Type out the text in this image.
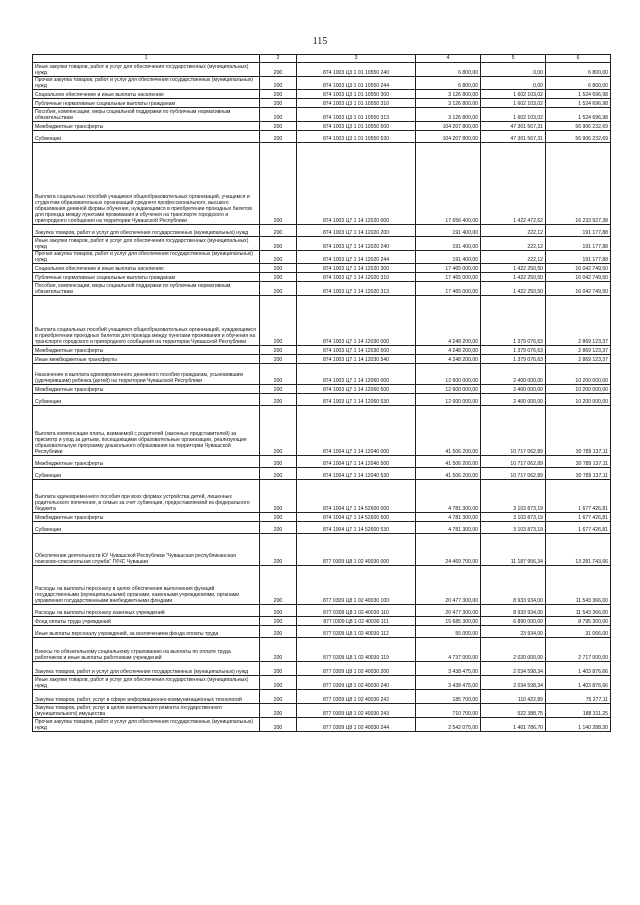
115
1	2	3	4	5	6
Иные закупки товаров, работ и услуг для обеспечения государственных (муниципальных) нужд	200	874 1003 Ц3 1 01 10550 240	6 800,00	0,00	6 800,00
Прочая закупка товаров, работ и услуг для обеспечения государственных (муниципальных) нужд	200	874 1003 Ц3 1 01 10550 244	6 800,00	0,00	6 800,00
Социальное обеспечение и иные выплаты населению	200	874 1003 Ц3 1 01 10550 300	3 126 800,00	1 602 103,02	1 524 696,98
Публичные нормативные социальные выплаты гражданам	200	874 1003 Ц3 1 01 10550 310	3 126 800,00	1 602 103,02	1 524 696,98
Пособия, компенсации, меры социальной поддержки по публичным нормативным обязательствам	200	874 1003 Ц3 1 01 10550 313	3 126 800,00	1 602 103,02	1 524 696,98
Межбюджетные трансферты	200	874 1003 Ц3 1 01 10550 500	104 207 800,00	47 301 567,31	56 906 232,69
Субвенции	200	874 1003 Ц3 1 01 10550 530	104 207 800,00	47 301 567,31	56 906 232,69
Выплата социальных пособий учащимся общеобразовательных организаций, учащимся и студентам образовательных организаций среднего профессионального, высшего образования дневной формы обучения, нуждающимся в приобретении проездных билетов для проезда между пунктами проживания и обучения на транспорте городского и пригородного сообщения на территории Чувашской Республики	200	874 1003 Ц7 1 14 12020 000	17 656 400,00	1 422 472,62	16 233 927,38
Закупка товаров, работ и услуг для обеспечения государственных (муниципальных) нужд	200	874 1003 Ц7 1 14 12020 200	191 400,00	222,12	191 177,88
Иные закупки товаров, работ и услуг для обеспечения государственных (муниципальных) нужд	200	874 1003 Ц7 1 14 12020 240	191 400,00	222,12	191 177,88
Прочая закупка товаров, работ и услуг для обеспечения государственных (муниципальных) нужд	200	874 1003 Ц7 1 14 12020 244	191 400,00	222,12	191 177,88
Социальное обеспечение и иные выплаты населению	200	874 1003 Ц7 1 14 12020 300	17 465 000,00	1 422 250,50	16 042 749,50
Публичные нормативные социальные выплаты гражданам	200	874 1003 Ц7 1 14 12020 310	17 465 000,00	1 422 250,50	16 042 749,50
Пособия, компенсации, меры социальной поддержки по публичным нормативным обязательствам	200	874 1003 Ц7 1 14 12020 313	17 465 000,00	1 422 250,50	16 042 749,50
Выплата социальных пособий учащимся общеобразовательных организаций, нуждающимся в приобретении проездных билетов для проезда между пунктами проживания и обучения на транспорте городского и пригородного сообщения на территории Чувашской Республики	200	874 1003 Ц7 1 14 12030 000	4 248 200,00	1 379 076,63	2 869 123,37
Межбюджетные трансферты	200	874 1003 Ц7 1 14 12030 500	4 248 200,00	1 379 076,63	2 869 123,37
Иные межбюджетные трансферты	200	874 1003 Ц7 1 14 12030 540	4 248 200,00	1 379 076,63	2 869 123,37
Назначение и выплата единовременного денежного пособия гражданам, усыновившим (удочерившим) ребенка (детей) на территории Чувашской Республики	200	874 1003 Ц7 1 14 12060 000	12 600 000,00	2 400 000,00	10 200 000,00
Межбюджетные трансферты	200	874 1003 Ц7 1 14 12060 500	12 600 000,00	2 400 000,00	10 200 000,00
Субвенции	200	874 1003 Ц7 1 14 12060 530	12 600 000,00	2 400 000,00	10 200 000,00
Выплата компенсации платы, взимаемой с родителей (законных представителей) за присмотр и уход за детьми, посещающими образовательные организации, реализующие образовательную программу дошкольного образования на территории Чувашской Республики	200	874 1004 Ц7 1 14 12040 000	41 506 200,00	10 717 062,89	30 789 137,11
Межбюджетные трансферты	200	874 1004 Ц7 1 14 12040 500	41 506 200,00	10 717 062,89	30 789 137,11
Субвенции	200	874 1004 Ц7 1 14 12040 530	41 506 200,00	10 717 062,89	30 789 137,11
Выплата единовременного пособия при всех формах устройства детей, лишенных родительского попечения, в семью за счет субвенции, предоставляемой из федерального бюджета	200	874 1004 Ц7 1 14 52600 000	4 781 300,00	3 103 873,19	1 677 426,81
Межбюджетные трансферты	200	874 1004 Ц7 1 14 52600 500	4 781 300,00	3 103 873,19	1 677 426,81
Субвенции	200	874 1004 Ц7 1 14 52600 530	4 781 300,00	3 103 873,19	1 677 426,81
Обеспечение деятельности КУ Чувашской Республики "Чувашская республиканская поисково-спасательная служба" ГКЧС Чувашии	200	877 0309 Ц8 1 02 40030 000	24 469 700,00	11 187 956,34	13 281 743,66
Расходы на выплаты персоналу в целях обеспечения выполнения функций государственными (муниципальными) органами, казенными учреждениями, органами управления государственными внебюджетными фондами	200	877 0309 Ц8 1 02 40030 100	20 477 300,00	8 933 934,00	11 543 366,00
Расходы на выплаты персоналу казенных учреждений	200	877 0309 Ц8 1 02 40030 110	20 477 300,00	8 933 934,00	11 543 366,00
Фонд оплаты труда учреждений	200	877 0309 Ц8 1 02 40030 111	15 685 300,00	6 890 000,00	8 795 300,00
Иные выплаты персоналу учреждений, за исключением фонда оплаты труда	200	877 0309 Ц8 1 02 40030 112	55 000,00	23 934,00	31 066,00
Взносы по обязательному социальному страхованию на выплаты по оплате труда работников и иные выплаты работникам учреждений	200	877 0309 Ц8 1 02 40030 119	4 737 000,00	2 020 000,00	2 717 000,00
Закупка товаров, работ и услуг для обеспечения государственных (муниципальных) нужд	200	877 0309 Ц8 1 02 40030 200	3 438 475,00	2 034 598,34	1 403 876,66
Иные закупки товаров, работ и услуг для обеспечения государственных (муниципальных) нужд	200	877 0309 Ц8 1 02 40030 240	3 438 475,00	2 034 598,34	1 403 876,66
Закупка товаров, работ, услуг в сфере информационно-коммуникационных технологий	200	877 0309 Ц8 1 02 40030 242	185 700,00	110 422,89	75 277,11
Закупка товаров, работ, услуг в целях капитального ремонта государственного (муниципального) имущества	200	877 0309 Ц8 1 02 40030 243	710 700,00	522 388,75	188 311,25
Прочая закупка товаров, работ и услуг для обеспечения государственных (муниципальных) нужд	200	877 0309 Ц8 1 02 40030 244	2 542 075,00	1 401 786,70	1 140 288,30
